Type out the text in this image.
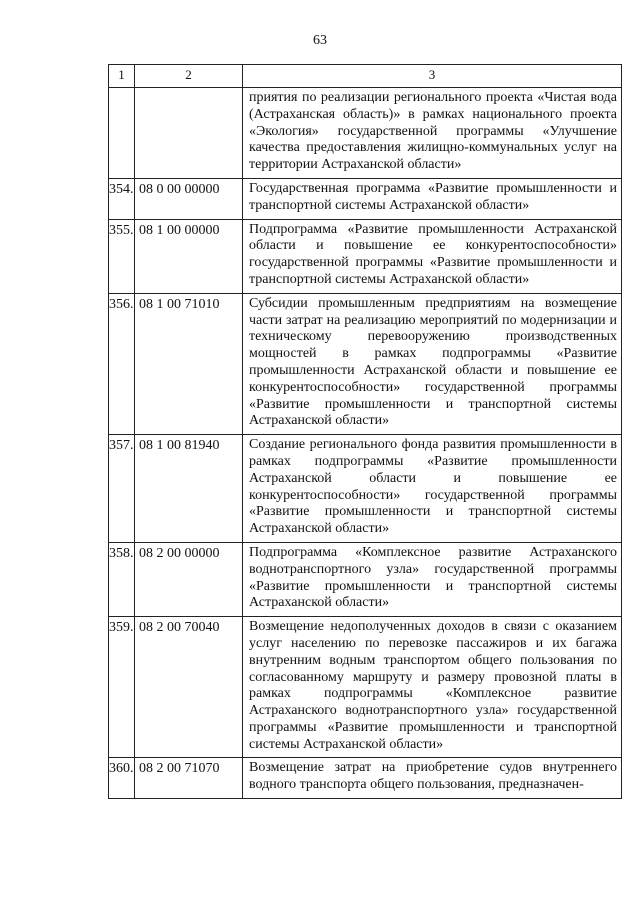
63
1	2	3
		приятия по реализации регионального проекта «Чистая вода (Астраханская область)» в рамках национального проекта «Экология» государственной программы «Улучшение качества предоставления жилищно-коммунальных услуг на территории Астраханской области»
354.	08 0 00 00000	Государственная программа «Развитие промышленности и транспортной системы Астраханской области»
355.	08 1 00 00000	Подпрограмма «Развитие промышленности Астраханской области и повышение ее конкурентоспособности» государственной программы «Развитие промышленности и транспортной системы Астраханской области»
356.	08 1 00 71010	Субсидии промышленным предприятиям на возмещение части затрат на реализацию мероприятий по модернизации и техническому перевооружению производственных мощностей в рамках подпрограммы «Развитие промышленности Астраханской области и повышение ее конкурентоспособности» государственной программы «Развитие промышленности и транспортной системы Астраханской области»
357.	08 1 00 81940	Создание регионального фонда развития промышленности в рамках подпрограммы «Развитие промышленности Астраханской области и повышение ее конкурентоспособности» государственной программы «Развитие промышленности и транспортной системы Астраханской области»
358.	08 2 00 00000	Подпрограмма «Комплексное развитие Астраханского воднотранспортного узла» государственной программы «Развитие промышленности и транспортной системы Астраханской области»
359.	08 2 00 70040	Возмещение недополученных доходов в связи с оказанием услуг населению по перевозке пассажиров и их багажа внутренним водным транспортом общего пользования по согласованному маршруту и размеру провозной платы в рамках подпрограммы «Комплексное развитие Астраханского воднотранспортного узла» государственной программы «Развитие промышленности и транспортной системы Астраханской области»
360.	08 2 00 71070	Возмещение затрат на приобретение судов внутреннего водного транспорта общего пользования, предназначен-
